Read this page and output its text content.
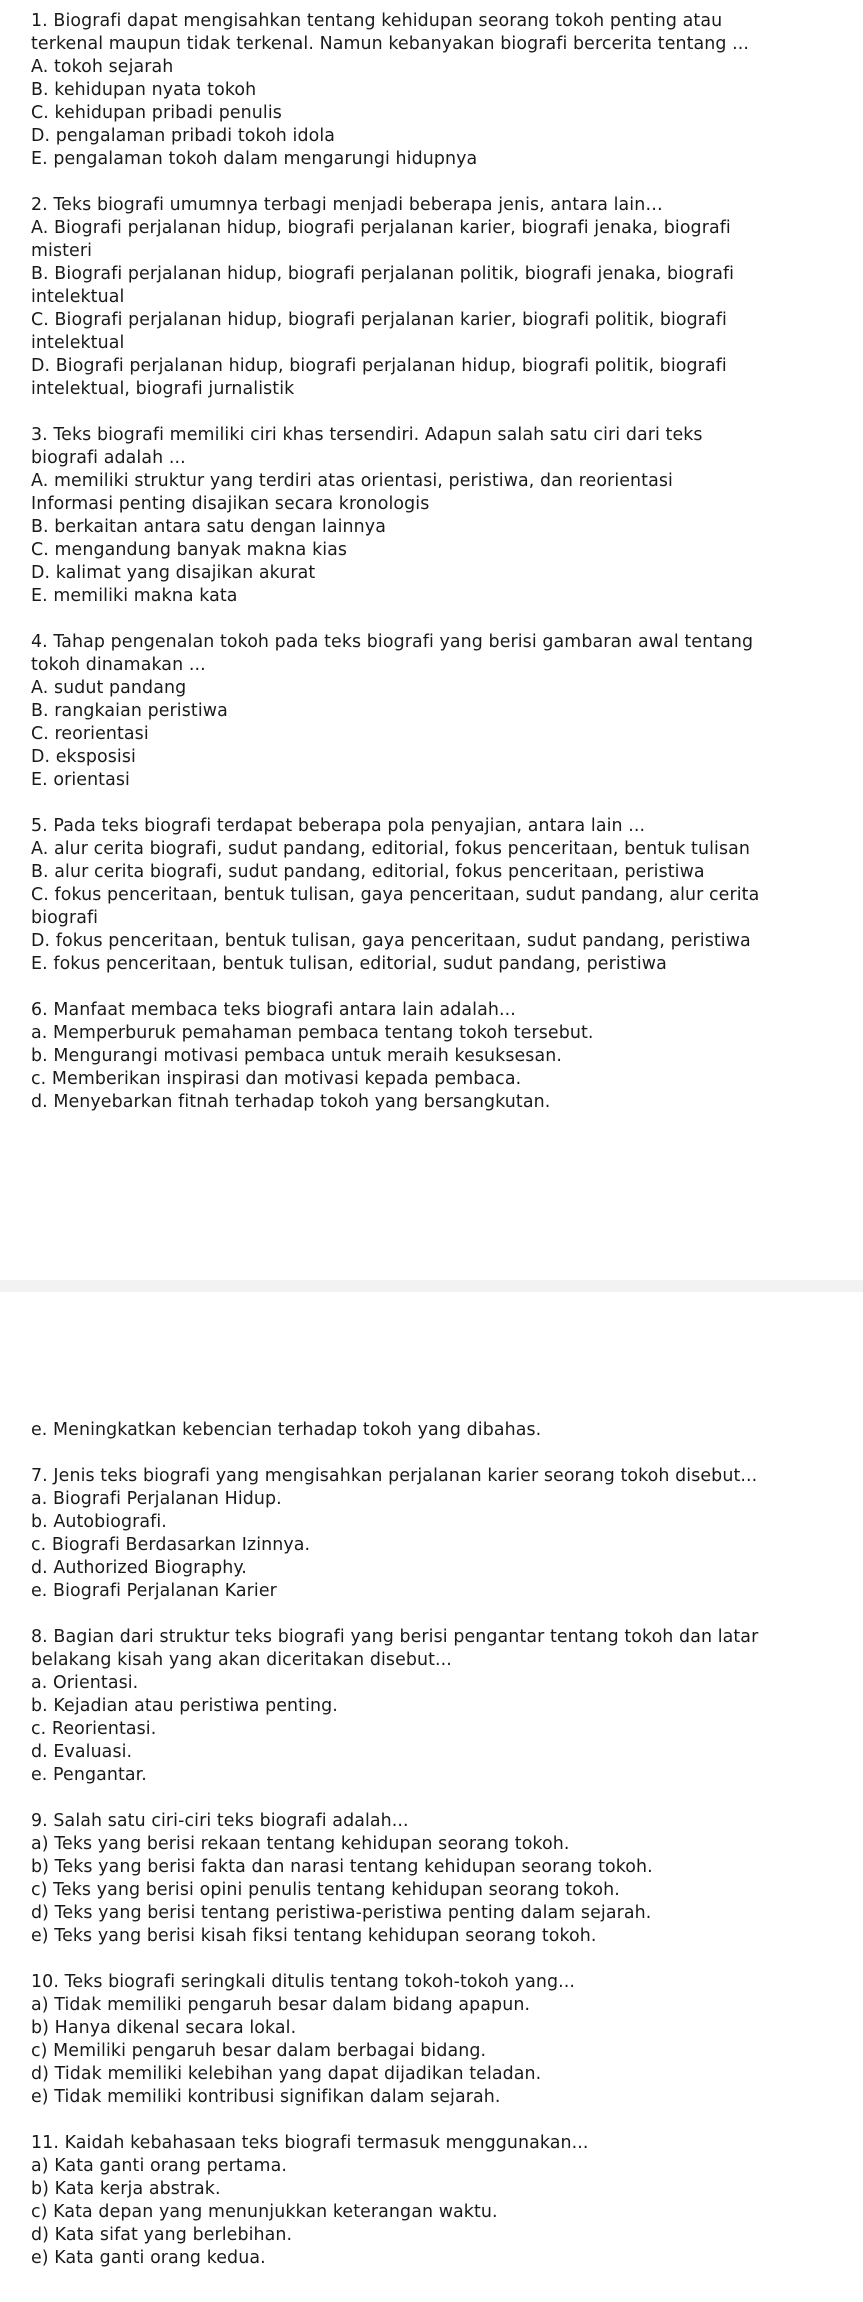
1. Biografi dapat mengisahkan tentang kehidupan seorang tokoh penting atau
terkenal maupun tidak terkenal. Namun kebanyakan biografi bercerita tentang ...
A. tokoh sejarah
B. kehidupan nyata tokoh
C. kehidupan pribadi penulis
D. pengalaman pribadi tokoh idola
E. pengalaman tokoh dalam mengarungi hidupnya
2. Teks biografi umumnya terbagi menjadi beberapa jenis, antara lain…
A. Biografi perjalanan hidup, biografi perjalanan karier, biografi jenaka, biografi
misteri
B. Biografi perjalanan hidup, biografi perjalanan politik, biografi jenaka, biografi
intelektual
C. Biografi perjalanan hidup, biografi perjalanan karier, biografi politik, biografi
intelektual
D. Biografi perjalanan hidup, biografi perjalanan hidup, biografi politik, biografi
intelektual, biografi jurnalistik
3. Teks biografi memiliki ciri khas tersendiri. Adapun salah satu ciri dari teks
biografi adalah ...
A. memiliki struktur yang terdiri atas orientasi, peristiwa, dan reorientasi
Informasi penting disajikan secara kronologis
B. berkaitan antara satu dengan lainnya
C. mengandung banyak makna kias
D. kalimat yang disajikan akurat
E. memiliki makna kata
4. Tahap pengenalan tokoh pada teks biografi yang berisi gambaran awal tentang
tokoh dinamakan ...
A. sudut pandang
B. rangkaian peristiwa
C. reorientasi
D. eksposisi
E. orientasi
5. Pada teks biografi terdapat beberapa pola penyajian, antara lain ...
A. alur cerita biografi, sudut pandang, editorial, fokus penceritaan, bentuk tulisan
B. alur cerita biografi, sudut pandang, editorial, fokus penceritaan, peristiwa
C. fokus penceritaan, bentuk tulisan, gaya penceritaan, sudut pandang, alur cerita
biografi
D. fokus penceritaan, bentuk tulisan, gaya penceritaan, sudut pandang, peristiwa
E. fokus penceritaan, bentuk tulisan, editorial, sudut pandang, peristiwa
6. Manfaat membaca teks biografi antara lain adalah...
a. Memperburuk pemahaman pembaca tentang tokoh tersebut.
b. Mengurangi motivasi pembaca untuk meraih kesuksesan.
c. Memberikan inspirasi dan motivasi kepada pembaca.
d. Menyebarkan fitnah terhadap tokoh yang bersangkutan.
e. Meningkatkan kebencian terhadap tokoh yang dibahas.
7. Jenis teks biografi yang mengisahkan perjalanan karier seorang tokoh disebut...
a. Biografi Perjalanan Hidup.
b. Autobiografi.
c. Biografi Berdasarkan Izinnya.
d. Authorized Biography.
e. Biografi Perjalanan Karier
8. Bagian dari struktur teks biografi yang berisi pengantar tentang tokoh dan latar
belakang kisah yang akan diceritakan disebut...
a. Orientasi.
b. Kejadian atau peristiwa penting.
c. Reorientasi.
d. Evaluasi.
e. Pengantar.
9. Salah satu ciri-ciri teks biografi adalah...
a) Teks yang berisi rekaan tentang kehidupan seorang tokoh.
b) Teks yang berisi fakta dan narasi tentang kehidupan seorang tokoh.
c) Teks yang berisi opini penulis tentang kehidupan seorang tokoh.
d) Teks yang berisi tentang peristiwa-peristiwa penting dalam sejarah.
e) Teks yang berisi kisah fiksi tentang kehidupan seorang tokoh.
10. Teks biografi seringkali ditulis tentang tokoh-tokoh yang...
a) Tidak memiliki pengaruh besar dalam bidang apapun.
b) Hanya dikenal secara lokal.
c) Memiliki pengaruh besar dalam berbagai bidang.
d) Tidak memiliki kelebihan yang dapat dijadikan teladan.
e) Tidak memiliki kontribusi signifikan dalam sejarah.
11. Kaidah kebahasaan teks biografi termasuk menggunakan...
a) Kata ganti orang pertama.
b) Kata kerja abstrak.
c) Kata depan yang menunjukkan keterangan waktu.
d) Kata sifat yang berlebihan.
e) Kata ganti orang kedua.
